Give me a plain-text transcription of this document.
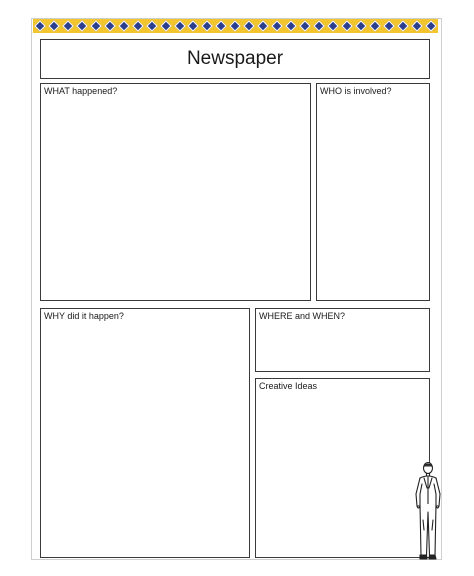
Newspaper
WHAT happened?	WHO is involved?
WHY did it happen?	WHERE and WHEN?
Creative Ideas
